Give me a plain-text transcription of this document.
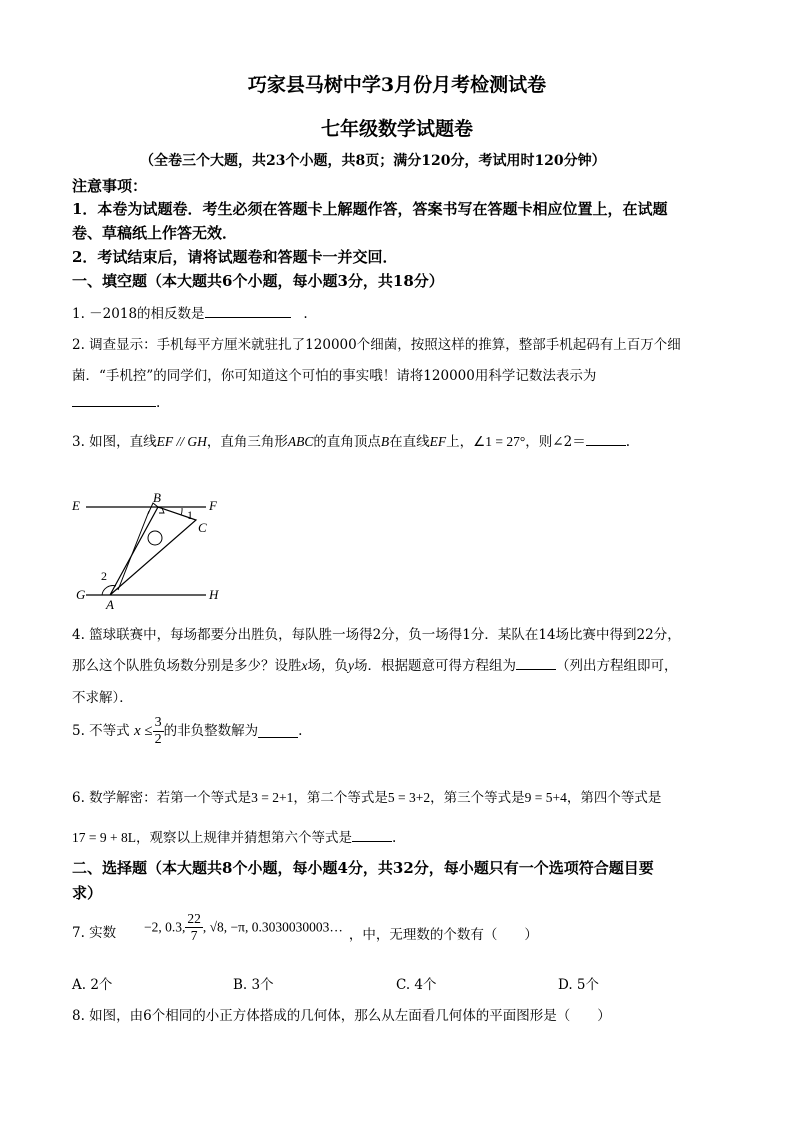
巧家县马树中学3月份月考检测试卷
七年级数学试题卷
（全卷三个大题，共23个小题，共8页；满分120分，考试用时120分钟）
注意事项：
1．本卷为试题卷．考生必须在答题卡上解题作答，答案书写在答题卡相应位置上，在试题
卷、草稿纸上作答无效．
2．考试结束后，请将试题卷和答题卡一并交回．
一、填空题（本大题共6个小题，每小题3分，共18分）
1. －2018的相反数是	.
2. 调查显示：手机每平方厘米就驻扎了120000个细菌，按照这样的推算，整部手机起码有上百万个细
菌．“手机控”的同学们，你可知道这个可怕的事实哦！请将120000用科学记数法表示为
.
3. 如图，直线EF // GH，直角三角形ABC的直角顶点B在直线EF上，∠1 = 27°，则∠2＝	.
E
B
F
1
C
2
G
A
H
4. 篮球联赛中，每场都要分出胜负，每队胜一场得2分，负一场得1分．某队在14场比赛中得到22分，
那么这个队胜负场数分别是多少？设胜x场，负y场．根据题意可得方程组为	（列出方程组即可，
不求解）．
5. 不等式 $x \le \frac{3}{2}$ 的非负整数解为	.
6. 数学解密：若第一个等式是3 = 2+1，第二个等式是5 = 3+2，第三个等式是9 = 5+4，第四个等式是
17 = 9 + 8L，观察以上规律并猜想第六个等式是	.
二、选择题（本大题共8个小题，每小题4分，共32分，每小题只有一个选项符合题目要
求）
7. 实数 −2, 0.3, $\frac{22}{7}$ , √8, −π, 0.3030030003… ，中，无理数的个数有（　　）
A. 2个	B. 3个	C. 4个	D. 5个
8. 如图，由6个相同的小正方体搭成的几何体，那么从左面看几何体的平面图形是（　　）
